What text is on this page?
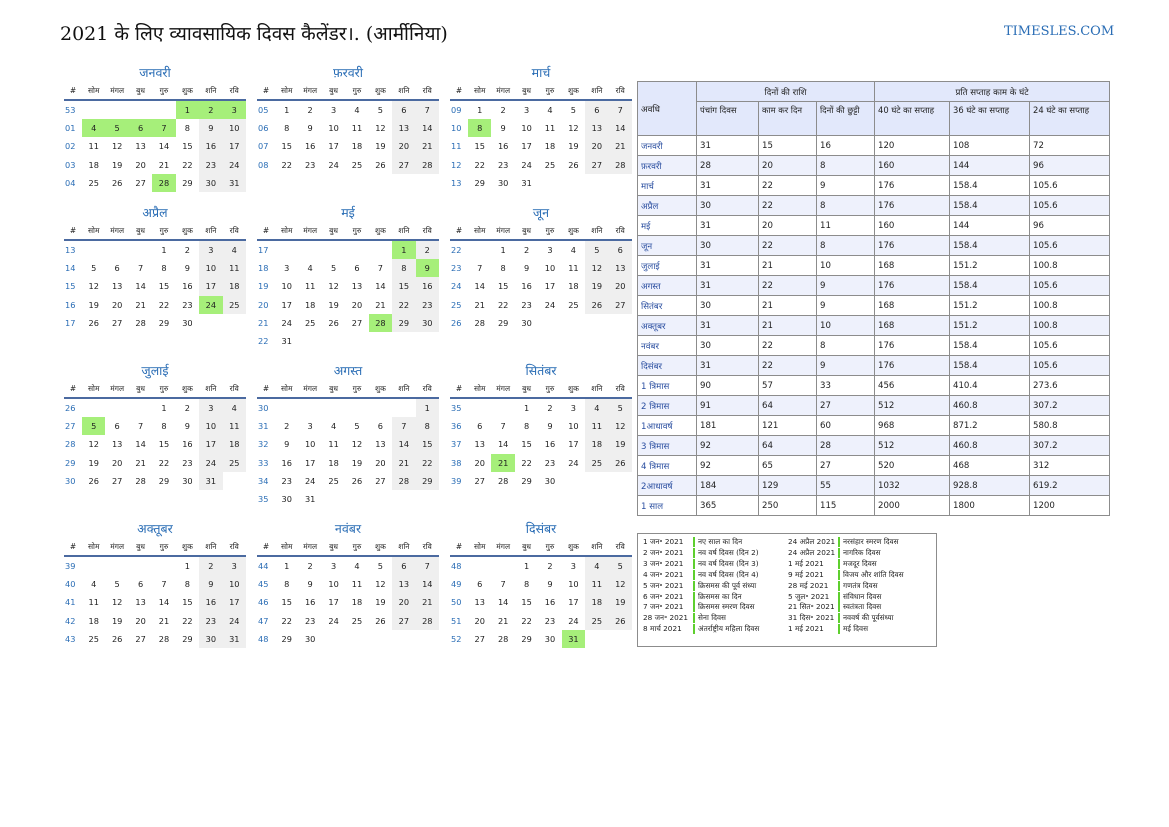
2021 के लिए व्यावसायिक दिवस कैलेंडर।. (आर्मीनिया)	TIMESLES.COM
जनवरी
#	सोम	मंगल	बुध	गुरु	शुक	शनि	रवि
53					1	2	3
01	4	5	6	7	8	9	10
02	11	12	13	14	15	16	17
03	18	19	20	21	22	23	24
04	25	26	27	28	29	30	31
फ़रवरी
#	सोम	मंगल	बुध	गुरु	शुक	शनि	रवि
05	1	2	3	4	5	6	7
06	8	9	10	11	12	13	14
07	15	16	17	18	19	20	21
08	22	23	24	25	26	27	28
मार्च
#	सोम	मंगल	बुध	गुरु	शुक	शनि	रवि
09	1	2	3	4	5	6	7
10	8	9	10	11	12	13	14
11	15	16	17	18	19	20	21
12	22	23	24	25	26	27	28
13	29	30	31				
अप्रैल
#	सोम	मंगल	बुध	गुरु	शुक	शनि	रवि
13				1	2	3	4
14	5	6	7	8	9	10	11
15	12	13	14	15	16	17	18
16	19	20	21	22	23	24	25
17	26	27	28	29	30		
मई
#	सोम	मंगल	बुध	गुरु	शुक	शनि	रवि
17						1	2
18	3	4	5	6	7	8	9
19	10	11	12	13	14	15	16
20	17	18	19	20	21	22	23
21	24	25	26	27	28	29	30
22	31						
जून
#	सोम	मंगल	बुध	गुरु	शुक	शनि	रवि
22		1	2	3	4	5	6
23	7	8	9	10	11	12	13
24	14	15	16	17	18	19	20
25	21	22	23	24	25	26	27
26	28	29	30				
जुलाई
#	सोम	मंगल	बुध	गुरु	शुक	शनि	रवि
26				1	2	3	4
27	5	6	7	8	9	10	11
28	12	13	14	15	16	17	18
29	19	20	21	22	23	24	25
30	26	27	28	29	30	31	
अगस्त
#	सोम	मंगल	बुध	गुरु	शुक	शनि	रवि
30							1
31	2	3	4	5	6	7	8
32	9	10	11	12	13	14	15
33	16	17	18	19	20	21	22
34	23	24	25	26	27	28	29
35	30	31					
सितंबर
#	सोम	मंगल	बुध	गुरु	शुक	शनि	रवि
35			1	2	3	4	5
36	6	7	8	9	10	11	12
37	13	14	15	16	17	18	19
38	20	21	22	23	24	25	26
39	27	28	29	30			
अक्तूबर
#	सोम	मंगल	बुध	गुरु	शुक	शनि	रवि
39					1	2	3
40	4	5	6	7	8	9	10
41	11	12	13	14	15	16	17
42	18	19	20	21	22	23	24
43	25	26	27	28	29	30	31
नवंबर
#	सोम	मंगल	बुध	गुरु	शुक	शनि	रवि
44	1	2	3	4	5	6	7
45	8	9	10	11	12	13	14
46	15	16	17	18	19	20	21
47	22	23	24	25	26	27	28
48	29	30					
दिसंबर
#	सोम	मंगल	बुध	गुरु	शुक	शनि	रवि
48			1	2	3	4	5
49	6	7	8	9	10	11	12
50	13	14	15	16	17	18	19
51	20	21	22	23	24	25	26
52	27	28	29	30	31		
अवधि	दिनों की राशि			प्रति सप्ताह काम के घंटे		
	पंचांग दिवस	काम कर दिन	दिनों की छुट्टी	40 घंटे का सप्ताह	36 घंटे का सप्ताह	24 घंटे का सप्ताह
जनवरी	31	15	16	120	108	72
फ़रवरी	28	20	8	160	144	96
मार्च	31	22	9	176	158.4	105.6
अप्रैल	30	22	8	176	158.4	105.6
मई	31	20	11	160	144	96
जून	30	22	8	176	158.4	105.6
जुलाई	31	21	10	168	151.2	100.8
अगस्त	31	22	9	176	158.4	105.6
सितंबर	30	21	9	168	151.2	100.8
अक्तूबर	31	21	10	168	151.2	100.8
नवंबर	30	22	8	176	158.4	105.6
दिसंबर	31	22	9	176	158.4	105.6
1 त्रिमास	90	57	33	456	410.4	273.6
2 त्रिमास	91	64	27	512	460.8	307.2
1आधावर्ष	181	121	60	968	871.2	580.8
3 त्रिमास	92	64	28	512	460.8	307.2
4 त्रिमास	92	65	27	520	468	312
2आधावर्ष	184	129	55	1032	928.8	619.2
1 साल	365	250	115	2000	1800	1200
1 जन॰ 2021 नए साल का दिन	24 अप्रैल 2021 नरसंहार स्मरण दिवस
2 जन॰ 2021 नव वर्ष दिवस (दिन 2)	24 अप्रैल 2021 नागरिक दिवस
3 जन॰ 2021 नव वर्ष दिवस (दिन 3)	1 मई 2021	मजदूर दिवस
4 जन॰ 2021 नव वर्ष दिवस (दिन 4)	9 मई 2021	विजय और शांति दिवस
5 जन॰ 2021 क्रिसमस की पूर्व संध्या	28 मई 2021 गणतंत्र दिवस
6 जन॰ 2021 क्रिसमस का दिन	5 जुल॰ 2021 संविधान दिवस
7 जन॰ 2021 क्रिसमस स्मरण दिवस	21 सित॰ 2021 स्वतंत्रता दिवस
28 जन॰ 2021 सेना दिवस	31 दिस॰ 2021 नववर्ष की पूर्वसंध्या
8 मार्च 2021 अंतर्राष्ट्रीय महिला दिवस	1 मई 2021	मई दिवस
